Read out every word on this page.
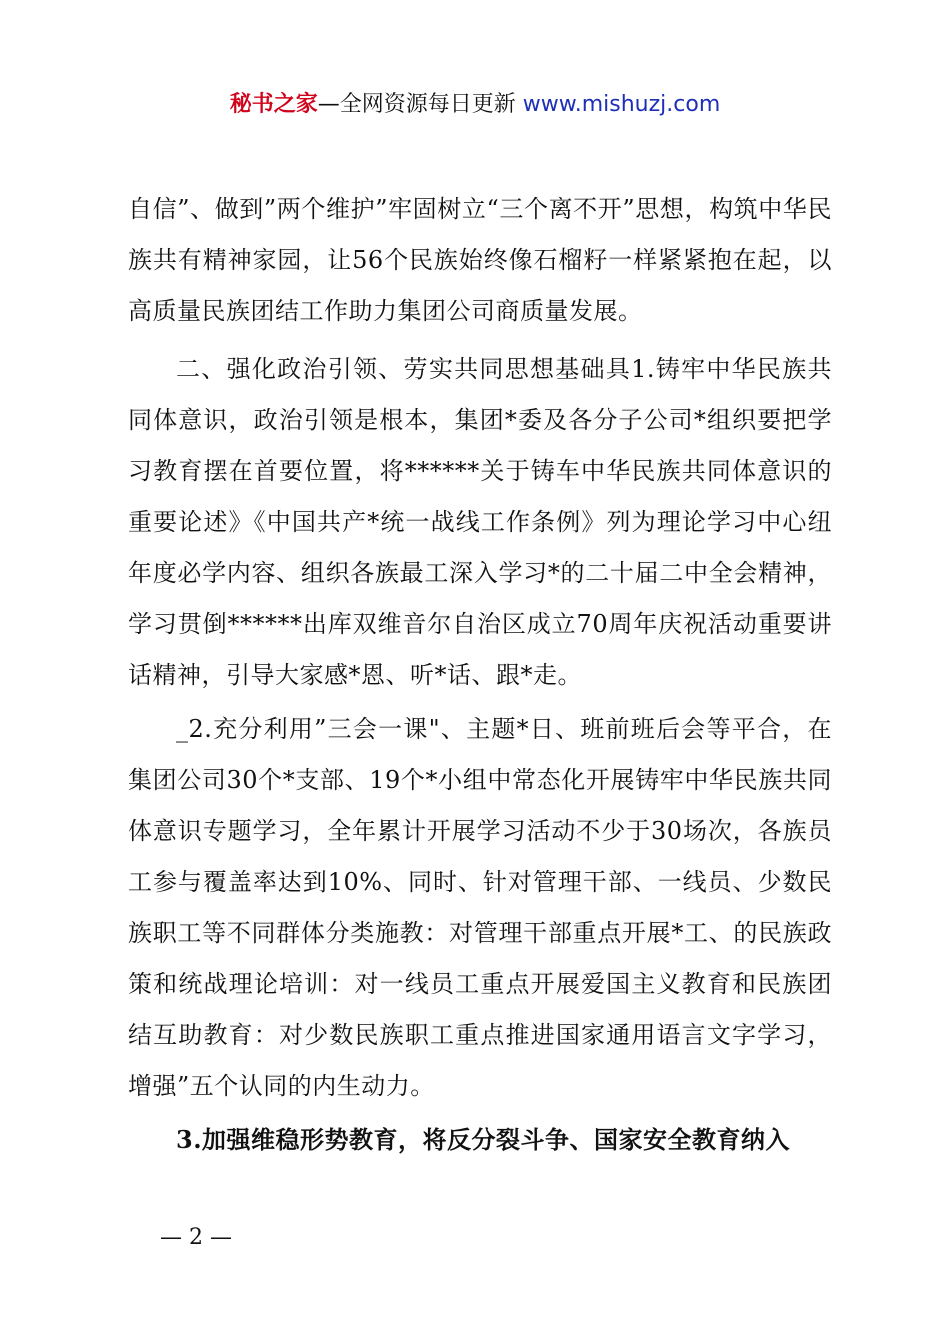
秘书之家—全网资源每日更新 www.mishuzj.com

自信”、做到”两个维护”牢固树立“三个离不开”思想，构筑中华民族共有精神家园，让56个民族始终像石榴籽一样紧紧抱在起，以高质量民族团结工作助力集团公司商质量发展。

二、强化政治引领、劳实共同思想基础具1.铸牢中华民族共同体意识，政治引领是根本，集团*委及各分子公司*组织要把学习教育摆在首要位置，将******关于铸车中华民族共同体意识的重要论述》《中国共产*统一战线工作条例》列为理论学习中心纽年度必学内容、组织各族最工深入学习*的二十届二中全会精神，学习贯倒******出库双维音尔自治区成立70周年庆祝活动重要讲话精神，引导大家感*恩、听*话、跟*走。

_2.充分利用”三会一课"、主题*日、班前班后会等平合，在集团公司30个*支部、19个*小组中常态化开展铸牢中华民族共同体意识专题学习，全年累计开展学习活动不少于30场次，各族员工参与覆盖率达到10%、同时、针对管理干部、一线员、少数民族职工等不同群体分类施教：对管理干部重点开展*工、的民族政策和统战理论培训：对一线员工重点开展爱国主义教育和民族团结互助教育：对少数民族职工重点推进国家通用语言文字学习，增强”五个认同的内生动力。

3.加强维稳形势教育，将反分裂斗争、国家安全教育纳入

— 2 —
